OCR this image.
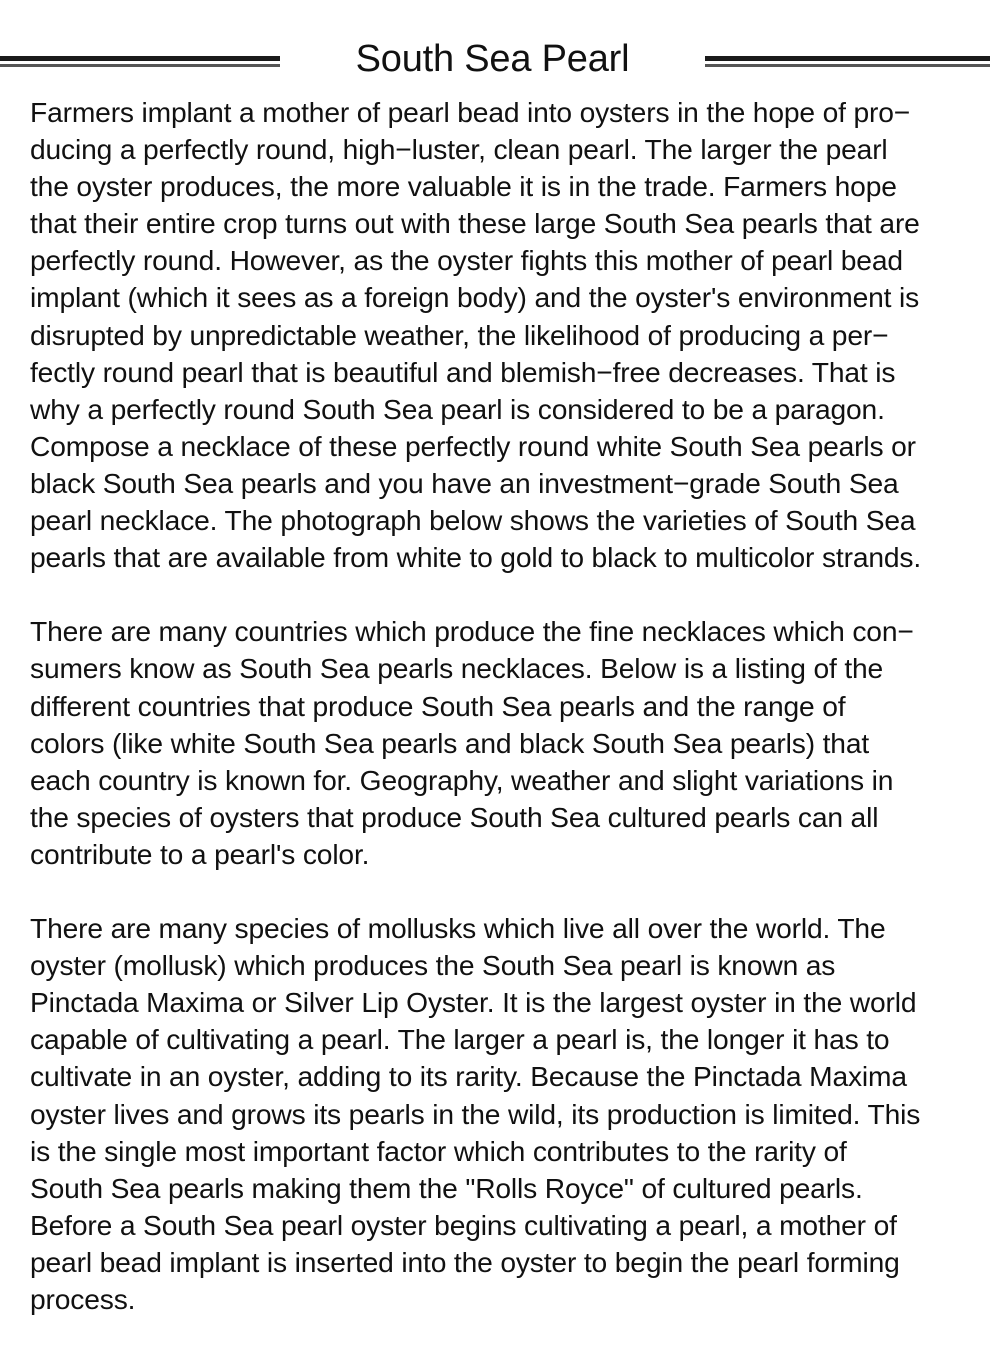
South Sea Pearl
Farmers implant a mother of pearl bead into oysters in the hope of pro−
ducing a perfectly round, high−luster, clean pearl. The larger the pearl
the oyster produces, the more valuable it is in the trade. Farmers hope
that their entire crop turns out with these large South Sea pearls that are
perfectly round. However, as the oyster fights this mother of pearl bead
implant (which it sees as a foreign body) and the oyster's environment is
disrupted by unpredictable weather, the likelihood of producing a per−
fectly round pearl that is beautiful and blemish−free decreases. That is
why a perfectly round South Sea pearl is considered to be a paragon.
Compose a necklace of these perfectly round white South Sea pearls or
black South Sea pearls and you have an investment−grade South Sea
pearl necklace. The photograph below shows the varieties of South Sea
pearls that are available from white to gold to black to multicolor strands.
There are many countries which produce the fine necklaces which con−
sumers know as South Sea pearls necklaces. Below is a listing of the
different countries that produce South Sea pearls and the range of
colors (like white South Sea pearls and black South Sea pearls) that
each country is known for. Geography, weather and slight variations in
the species of oysters that produce South Sea cultured pearls can all
contribute to a pearl's color.
There are many species of mollusks which live all over the world. The
oyster (mollusk) which produces the South Sea pearl is known as
Pinctada Maxima or Silver Lip Oyster. It is the largest oyster in the world
capable of cultivating a pearl. The larger a pearl is, the longer it has to
cultivate in an oyster, adding to its rarity. Because the Pinctada Maxima
oyster lives and grows its pearls in the wild, its production is limited. This
is the single most important factor which contributes to the rarity of
South Sea pearls making them the "Rolls Royce" of cultured pearls.
Before a South Sea pearl oyster begins cultivating a pearl, a mother of
pearl bead implant is inserted into the oyster to begin the pearl forming
process.
